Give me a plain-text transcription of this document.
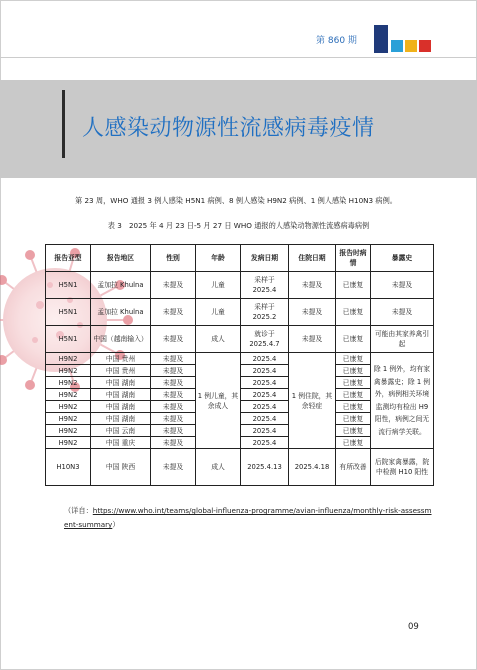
第 860 期
人感染动物源性流感病毒疫情
第 23 周，WHO 通报 3 例人感染 H5N1 病例、8 例人感染 H9N2 病例、1 例人感染 H10N3 病例。
表 3　2025 年 4 月 23 日-5 月 27 日 WHO 通报的人感染动物源性流感病毒病例
报告亚型	报告地区	性别	年龄	发病日期	住院日期	报告时病情	暴露史
H5N1	孟加拉 Khulna	未提及	儿童	采样于 2025.4	未提及	已康复	未提及
H5N1	孟加拉 Khulna	未提及	儿童	采样于 2025.2	未提及	已康复	未提及
H5N1	中国（越南输入）	未提及	成人	就诊于 2025.4.7	未提及	已康复	可能由其家养禽引起
H9N2	中国 贵州	未提及	1 例儿童，其余成人	2025.4	1 例住院，其余轻症	已康复	除 1 例外，均有家禽暴露史；除 1 例外，病例相关环境监测均有检出 H9 阳性，病例之间无流行病学关联。
H9N2	中国 贵州	未提及		2025.4		已康复	
H9N2	中国 湖南	未提及		2025.4		已康复	
H9N2	中国 湖南	未提及		2025.4		已康复	
H9N2	中国 湖南	未提及		2025.4		已康复	
H9N2	中国 湖南	未提及		2025.4		已康复	
H9N2	中国 云南	未提及		2025.4		已康复	
H9N2	中国 重庆	未提及		2025.4		已康复	
H10N3	中国 陕西	未提及	成人	2025.4.13	2025.4.18	有所改善	后院家禽暴露，院中检测 H10 阳性
（详自：https://www.who.int/teams/global-influenza-programme/avian-influenza/monthly-risk-assessment-summary）
09
